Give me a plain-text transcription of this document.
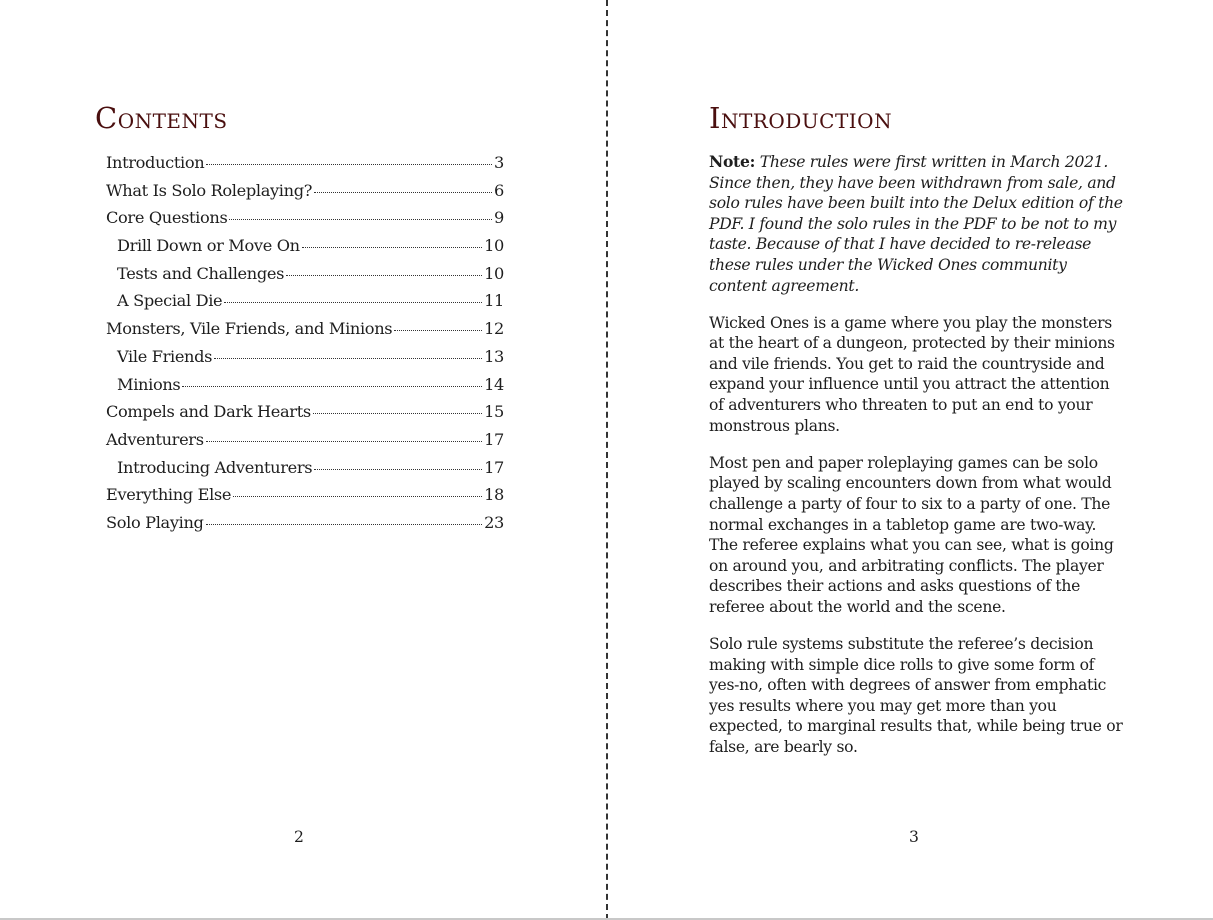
Contents
Introduction	3
What Is Solo Roleplaying?	6
Core Questions	9
Drill Down or Move On	10
Tests and Challenges	10
A Special Die	11
Monsters, Vile Friends, and Minions	12
Vile Friends	13
Minions	14
Compels and Dark Hearts	15
Adventurers	17
Introducing Adventurers	17
Everything Else	18
Solo Playing	23
2
Introduction

Note: These rules were first written in March 2021. Since then, they have been withdrawn from sale, and solo rules have been built into the Delux edition of the PDF. I found the solo rules in the PDF to be not to my taste. Because of that I have decided to re-release these rules under the Wicked Ones community content agreement.

Wicked Ones is a game where you play the monsters at the heart of a dungeon, protected by their minions and vile friends. You get to raid the countryside and expand your influence until you attract the attention of adventurers who threaten to put an end to your monstrous plans.

Most pen and paper roleplaying games can be solo played by scaling encounters down from what would challenge a party of four to six to a party of one. The normal exchanges in a tabletop game are two-way. The referee explains what you can see, what is going on around you, and arbitrating conflicts. The player describes their actions and asks questions of the referee about the world and the scene.

Solo rule systems substitute the referee’s decision making with simple dice rolls to give some form of yes-no, often with degrees of answer from emphatic yes results where you may get more than you expected, to marginal results that, while being true or false, are bearly so.

3
